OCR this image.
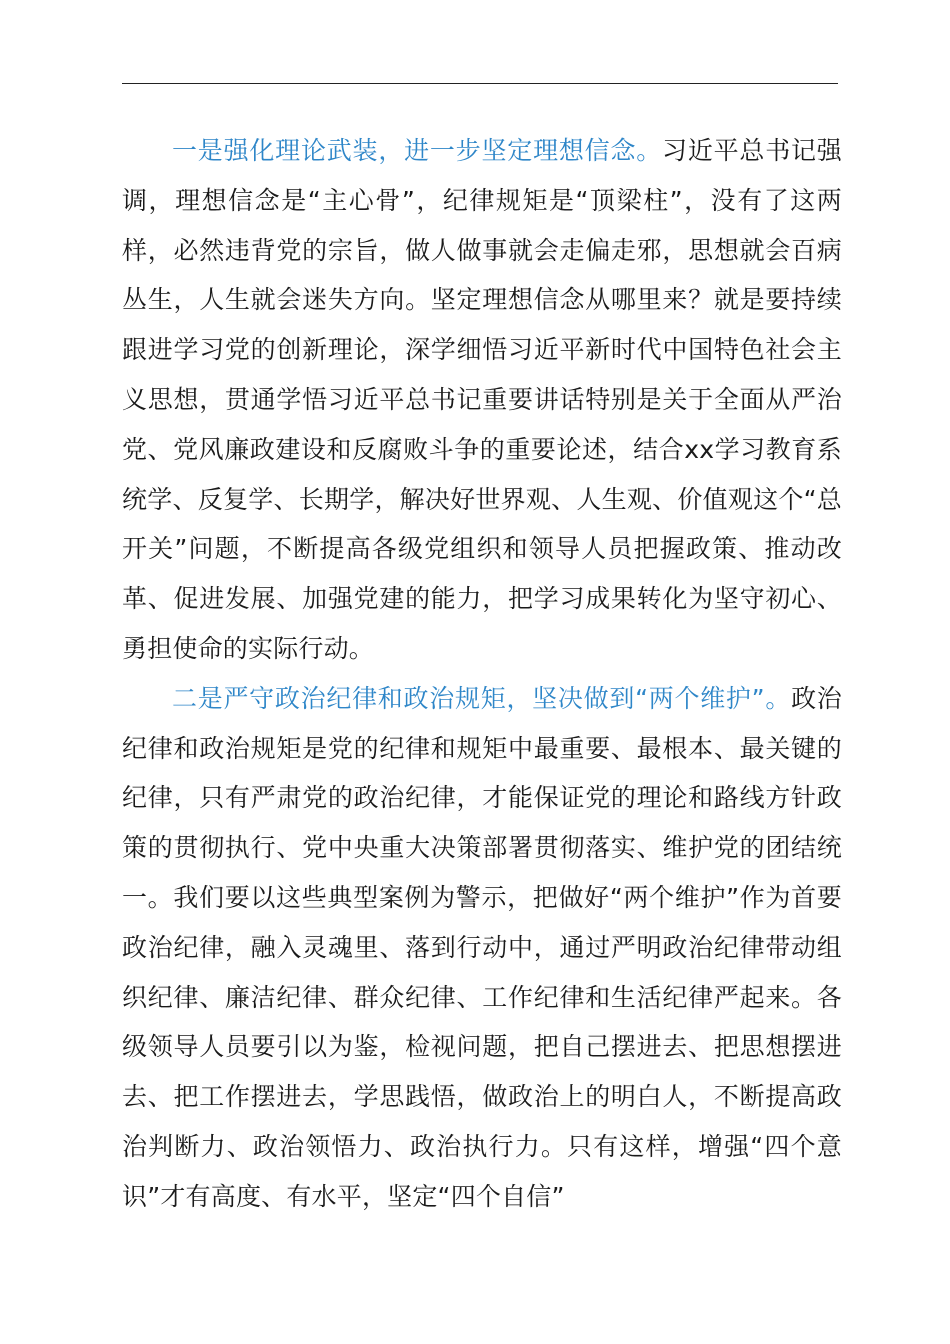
一是强化理论武装，进一步坚定理想信念。习近平总书记强调，理想信念是“主心骨”，纪律规矩是“顶梁柱”，没有了这两样，必然违背党的宗旨，做人做事就会走偏走邪，思想就会百病丛生，人生就会迷失方向。坚定理想信念从哪里来？就是要持续跟进学习党的创新理论，深学细悟习近平新时代中国特色社会主义思想，贯通学悟习近平总书记重要讲话特别是关于全面从严治党、党风廉政建设和反腐败斗争的重要论述，结合xx学习教育系统学、反复学、长期学，解决好世界观、人生观、价值观这个“总开关”问题，不断提高各级党组织和领导人员把握政策、推动改革、促进发展、加强党建的能力，把学习成果转化为坚守初心、勇担使命的实际行动。

二是严守政治纪律和政治规矩，坚决做到“两个维护”。政治纪律和政治规矩是党的纪律和规矩中最重要、最根本、最关键的纪律，只有严肃党的政治纪律，才能保证党的理论和路线方针政策的贯彻执行、党中央重大决策部署贯彻落实、维护党的团结统一。我们要以这些典型案例为警示，把做好“两个维护”作为首要政治纪律，融入灵魂里、落到行动中，通过严明政治纪律带动组织纪律、廉洁纪律、群众纪律、工作纪律和生活纪律严起来。各级领导人员要引以为鉴，检视问题，把自己摆进去、把思想摆进去、把工作摆进去，学思践悟，做政治上的明白人，不断提高政治判断力、政治领悟力、政治执行力。只有这样，增强“四个意识”才有高度、有水平，坚定“四个自信”
